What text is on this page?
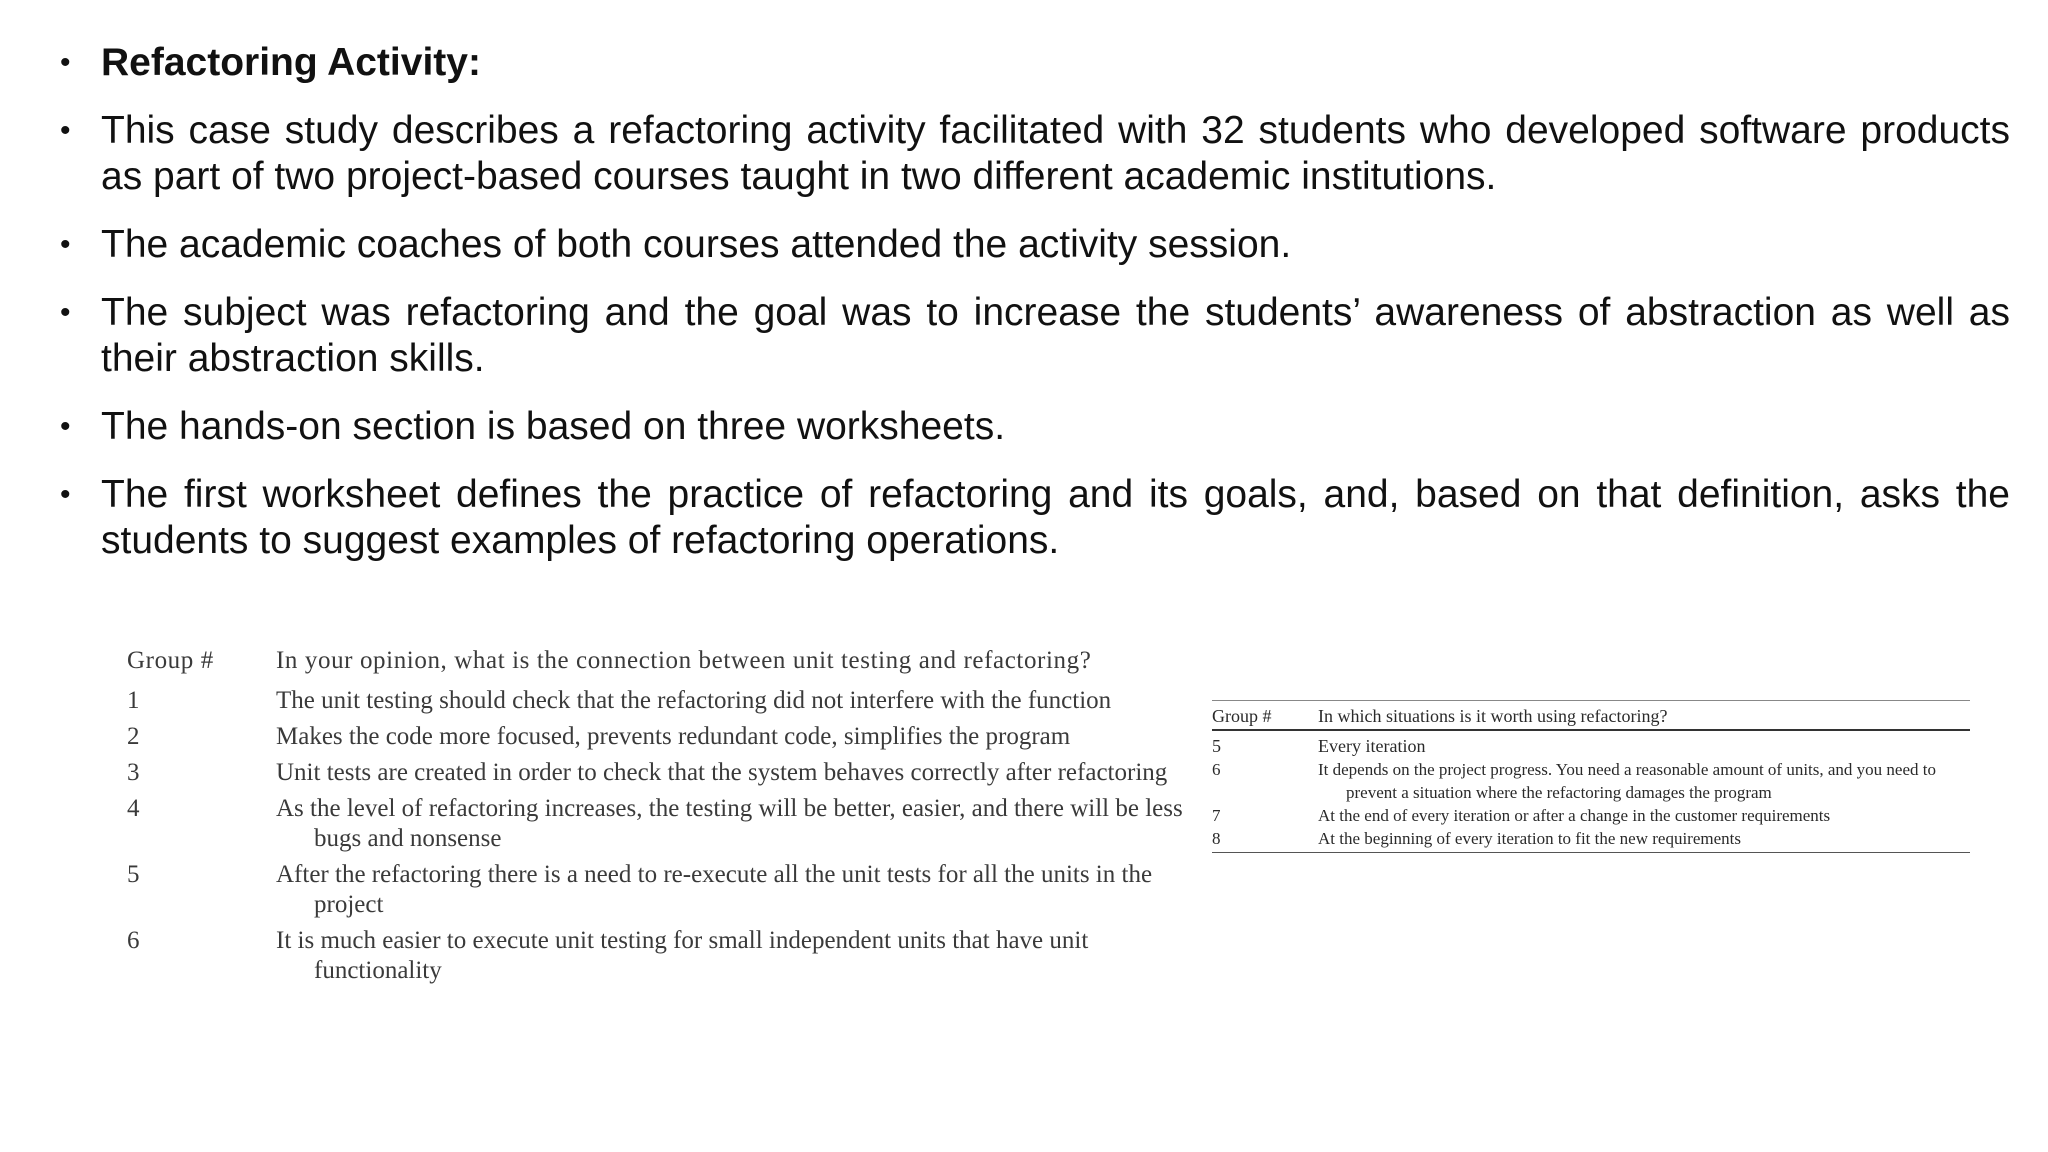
• Refactoring Activity:
• This case study describes a refactoring activity facilitated with 32 students who developed software products as part of two project-based courses taught in two different academic institutions.
• The academic coaches of both courses attended the activity session.
• The subject was refactoring and the goal was to increase the students’ awareness of abstraction as well as their abstraction skills.
• The hands-on section is based on three worksheets.
• The first worksheet defines the practice of refactoring and its goals, and, based on that definition, asks the students to suggest examples of refactoring operations.
Group #	In your opinion, what is the connection between unit testing and refactoring?
1	The unit testing should check that the refactoring did not interfere with the function
2	Makes the code more focused, prevents redundant code, simplifies the program
3	Unit tests are created in order to check that the system behaves correctly after refactoring
4	As the level of refactoring increases, the testing will be better, easier, and there will be less bugs and nonsense
5	After the refactoring there is a need to re-execute all the unit tests for all the units in the project
6	It is much easier to execute unit testing for small independent units that have unit functionality
Group #	In which situations is it worth using refactoring?
5	Every iteration
6	It depends on the project progress. You need a reasonable amount of units, and you need to prevent a situation where the refactoring damages the program
7	At the end of every iteration or after a change in the customer requirements
8	At the beginning of every iteration to fit the new requirements
